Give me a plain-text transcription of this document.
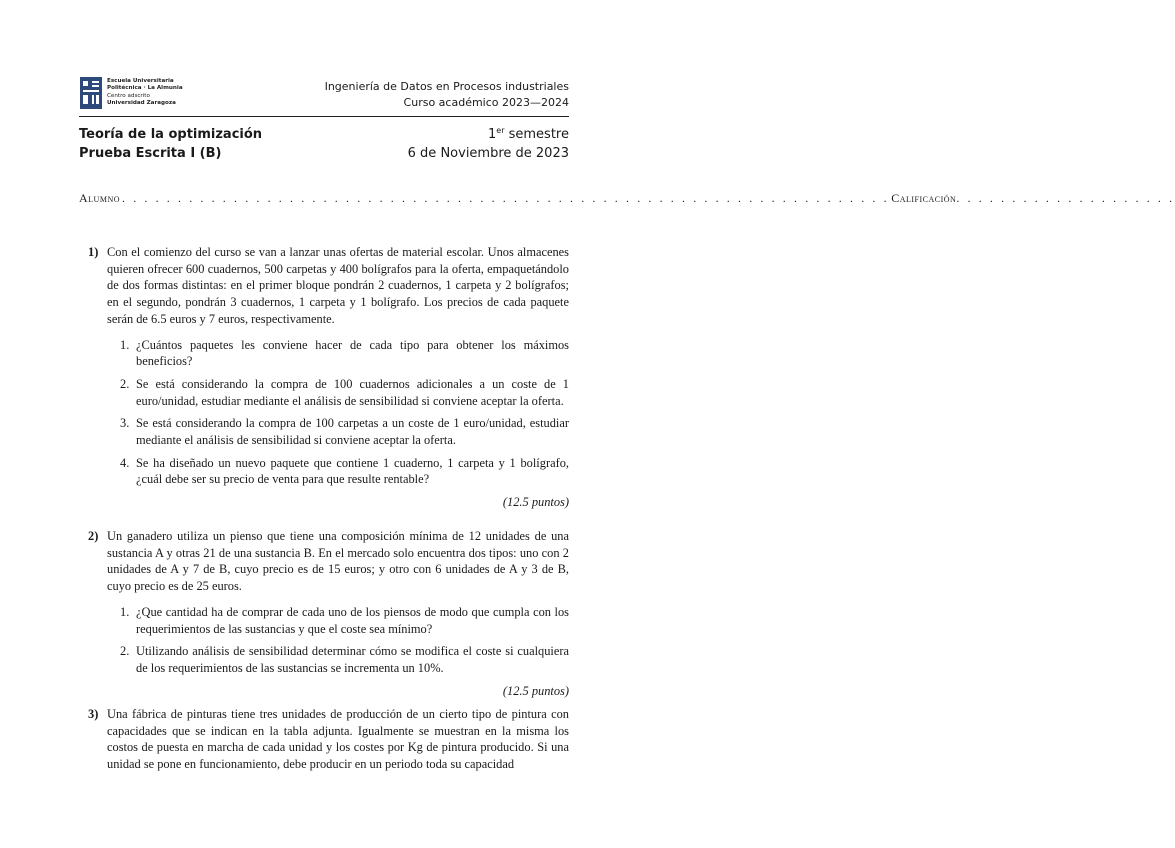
Escuela Universitaria
Politécnica · La Almunia
Centro adscrito
Universidad Zaragoza
Ingeniería de Datos en Procesos industriales
Curso académico 2023—2024
Teoría de la optimización
Prueba Escrita I (B)
1er semestre
6 de Noviembre de 2023
Alumno . . . . . . . . . . . . . . . . . . . . . . . . . . . . . . . . . . . . . . . . . . . . . . . . . . . . . . . . . . . . . . . . . . . . . Calificación . . . . . . . . . . . . . . . . . . . .
1) Con el comienzo del curso se van a lanzar unas ofertas de material escolar. Unos almacenes quieren ofrecer 600 cuadernos, 500 carpetas y 400 bolígrafos para la oferta, empaquetándolo de dos formas distintas: en el primer bloque pondrán 2 cuadernos, 1 carpeta y 2 bolígrafos; en el segundo, pondrán 3 cuadernos, 1 carpeta y 1 bolígrafo. Los precios de cada paquete serán de 6.5 euros y 7 euros, respectivamente.
1. ¿Cuántos paquetes les conviene hacer de cada tipo para obtener los máximos beneficios?
2. Se está considerando la compra de 100 cuadernos adicionales a un coste de 1 euro/unidad, estudiar mediante el análisis de sensibilidad si conviene aceptar la oferta.
3. Se está considerando la compra de 100 carpetas a un coste de 1 euro/unidad, estudiar mediante el análisis de sensibilidad si conviene aceptar la oferta.
4. Se ha diseñado un nuevo paquete que contiene 1 cuaderno, 1 carpeta y 1 bolígrafo, ¿cuál debe ser su precio de venta para que resulte rentable?
(12.5 puntos)
2) Un ganadero utiliza un pienso que tiene una composición mínima de 12 unidades de una sustancia A y otras 21 de una sustancia B. En el mercado solo encuentra dos tipos: uno con 2 unidades de A y 7 de B, cuyo precio es de 15 euros; y otro con 6 unidades de A y 3 de B, cuyo precio es de 25 euros.
1. ¿Que cantidad ha de comprar de cada uno de los piensos de modo que cumpla con los requerimientos de las sustancias y que el coste sea mínimo?
2. Utilizando análisis de sensibilidad determinar cómo se modifica el coste si cualquiera de los requerimientos de las sustancias se incrementa un 10%.
(12.5 puntos)
3) Una fábrica de pinturas tiene tres unidades de producción de un cierto tipo de pintura con capacidades que se indican en la tabla adjunta. Igualmente se muestran en la misma los costos de puesta en marcha de cada unidad y los costes por Kg de pintura producido. Si una unidad se pone en funcionamiento, debe producir en un periodo toda su capacidad
